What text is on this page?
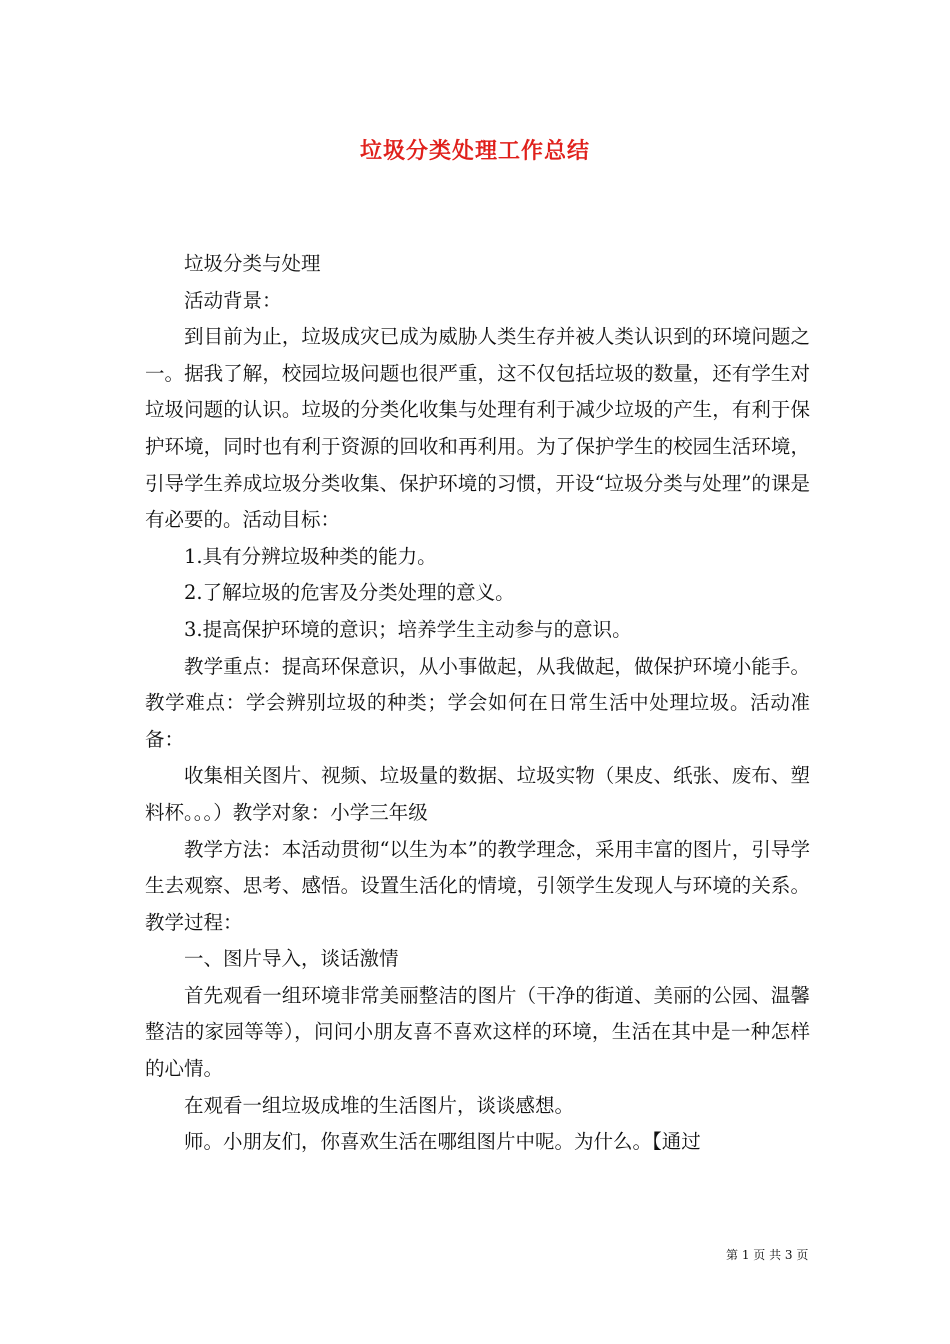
垃圾分类处理工作总结

垃圾分类与处理

活动背景：

到目前为止，垃圾成灾已成为威胁人类生存并被人类认识到的环境问题之一。据我了解，校园垃圾问题也很严重，这不仅包括垃圾的数量，还有学生对垃圾问题的认识。垃圾的分类化收集与处理有利于减少垃圾的产生，有利于保护环境，同时也有利于资源的回收和再利用。为了保护学生的校园生活环境，引导学生养成垃圾分类收集、保护环境的习惯，开设“垃圾分类与处理”的课是有必要的。活动目标：

1.具有分辨垃圾种类的能力。

2.了解垃圾的危害及分类处理的意义。

3.提高保护环境的意识；培养学生主动参与的意识。

教学重点：提高环保意识，从小事做起，从我做起，做保护环境小能手。教学难点：学会辨别垃圾的种类；学会如何在日常生活中处理垃圾。活动准备：

收集相关图片、视频、垃圾量的数据、垃圾实物（果皮、纸张、废布、塑料杯。。。）教学对象：小学三年级

教学方法：本活动贯彻“以生为本”的教学理念，采用丰富的图片，引导学生去观察、思考、感悟。设置生活化的情境，引领学生发现人与环境的关系。教学过程：

一、图片导入，谈话激情

首先观看一组环境非常美丽整洁的图片（干净的街道、美丽的公园、温馨整洁的家园等等），问问小朋友喜不喜欢这样的环境，生活在其中是一种怎样的心情。

在观看一组垃圾成堆的生活图片，谈谈感想。

师。小朋友们，你喜欢生活在哪组图片中呢。为什么。【通过

第 1 页 共 3 页
